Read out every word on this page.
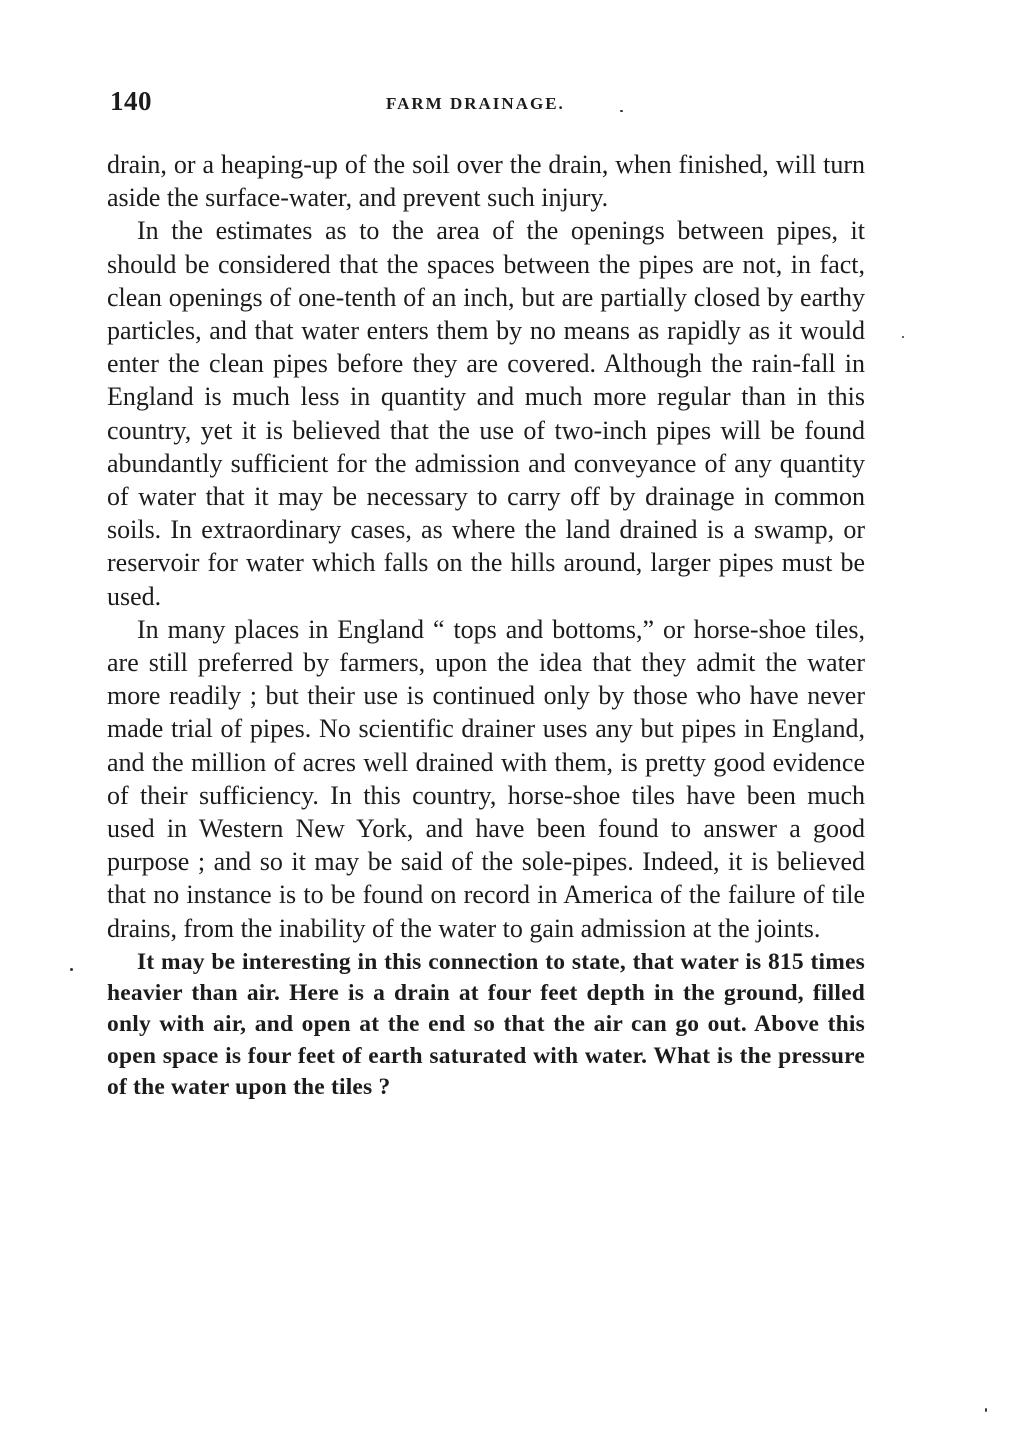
140	FARM DRAINAGE.

drain, or a heaping-up of the soil over the drain, when finished, will turn aside the surface-water, and prevent such injury.

In the estimates as to the area of the openings between pipes, it should be considered that the spaces between the pipes are not, in fact, clean openings of one-tenth of an inch, but are partially closed by earthy particles, and that water enters them by no means as rapidly as it would enter the clean pipes before they are covered. Although the rain-fall in England is much less in quantity and much more regular than in this country, yet it is believed that the use of two-inch pipes will be found abundantly sufficient for the admission and conveyance of any quantity of water that it may be necessary to carry off by drainage in common soils. In extraordinary cases, as where the land drained is a swamp, or reservoir for water which falls on the hills around, larger pipes must be used.

In many places in England “ tops and bottoms,” or horse-shoe tiles, are still preferred by farmers, upon the idea that they admit the water more readily ; but their use is continued only by those who have never made trial of pipes. No scientific drainer uses any but pipes in England, and the million of acres well drained with them, is pretty good evidence of their sufficiency. In this country, horse-shoe tiles have been much used in Western New York, and have been found to answer a good purpose ; and so it may be said of the sole-pipes. Indeed, it is believed that no instance is to be found on record in America of the failure of tile drains, from the inability of the water to gain admission at the joints.

It may be interesting in this connection to state, that water is 815 times heavier than air. Here is a drain at four feet depth in the ground, filled only with air, and open at the end so that the air can go out. Above this open space is four feet of earth saturated with water. What is the pressure of the water upon the tiles ?
